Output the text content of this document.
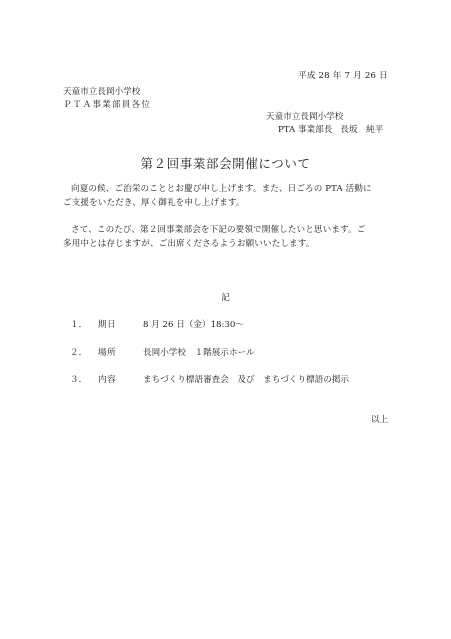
平成 28 年 7 月 26 日
天童市立長岡小学校
ＰＴＡ事業部員各位
天童市立長岡小学校
PTA 事業部長 長坂　純平
第２回事業部会開催について
向夏の候、ご治栄のこととお慶び申し上げます。また、日ごろの PTA 活動に
ご支援をいただき、厚く御礼を申し上げます。
さて、このたび、第２回事業部会を下記の要領で開催したいと思います。ご
多用中とは存じますが、ご出席くださるようお願いいたします。
記
１． 期日	8 月 26 日（金）18:30〜
２． 場所	長岡小学校　１階展示ホール
３． 内容	まちづくり標語審査会　及び　まちづくり標語の掲示
以上
